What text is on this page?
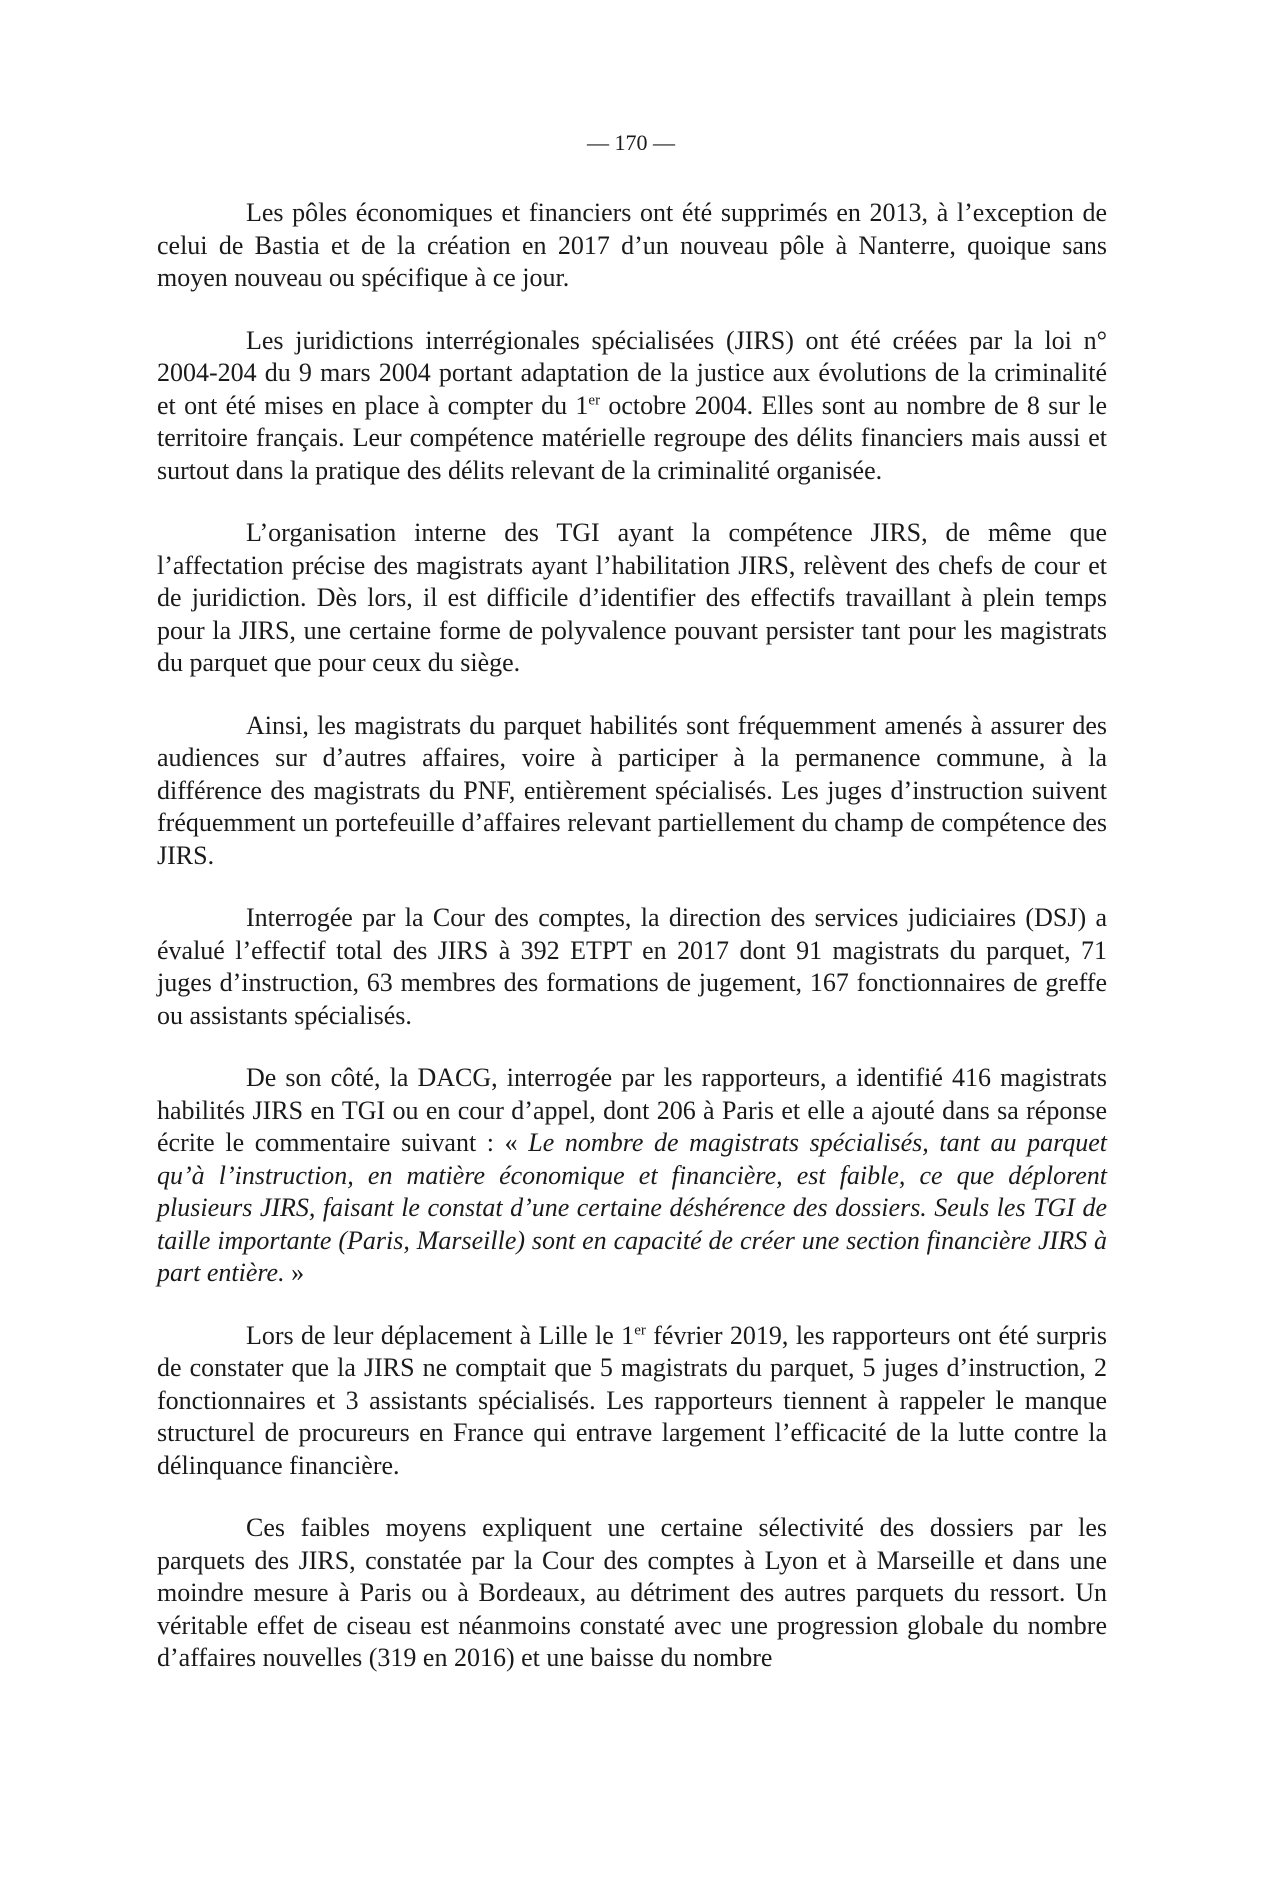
— 170 —

Les pôles économiques et financiers ont été supprimés en 2013, à l’exception de celui de Bastia et de la création en 2017 d’un nouveau pôle à Nanterre, quoique sans moyen nouveau ou spécifique à ce jour.

Les juridictions interrégionales spécialisées (JIRS) ont été créées par la loi n° 2004-204 du 9 mars 2004 portant adaptation de la justice aux évolutions de la criminalité et ont été mises en place à compter du 1er octobre 2004. Elles sont au nombre de 8 sur le territoire français. Leur compétence matérielle regroupe des délits financiers mais aussi et surtout dans la pratique des délits relevant de la criminalité organisée.

L’organisation interne des TGI ayant la compétence JIRS, de même que l’affectation précise des magistrats ayant l’habilitation JIRS, relèvent des chefs de cour et de juridiction. Dès lors, il est difficile d’identifier des effectifs travaillant à plein temps pour la JIRS, une certaine forme de polyvalence pouvant persister tant pour les magistrats du parquet que pour ceux du siège.

Ainsi, les magistrats du parquet habilités sont fréquemment amenés à assurer des audiences sur d’autres affaires, voire à participer à la permanence commune, à la différence des magistrats du PNF, entièrement spécialisés. Les juges d’instruction suivent fréquemment un portefeuille d’affaires relevant partiellement du champ de compétence des JIRS.

Interrogée par la Cour des comptes, la direction des services judiciaires (DSJ) a évalué l’effectif total des JIRS à 392 ETPT en 2017 dont 91 magistrats du parquet, 71 juges d’instruction, 63 membres des formations de jugement, 167 fonctionnaires de greffe ou assistants spécialisés.

De son côté, la DACG, interrogée par les rapporteurs, a identifié 416 magistrats habilités JIRS en TGI ou en cour d’appel, dont 206 à Paris et elle a ajouté dans sa réponse écrite le commentaire suivant : « Le nombre de magistrats spécialisés, tant au parquet qu’à l’instruction, en matière économique et financière, est faible, ce que déplorent plusieurs JIRS, faisant le constat d’une certaine déshérence des dossiers. Seuls les TGI de taille importante (Paris, Marseille) sont en capacité de créer une section financière JIRS à part entière. »

Lors de leur déplacement à Lille le 1er février 2019, les rapporteurs ont été surpris de constater que la JIRS ne comptait que 5 magistrats du parquet, 5 juges d’instruction, 2 fonctionnaires et 3 assistants spécialisés. Les rapporteurs tiennent à rappeler le manque structurel de procureurs en France qui entrave largement l’efficacité de la lutte contre la délinquance financière.

Ces faibles moyens expliquent une certaine sélectivité des dossiers par les parquets des JIRS, constatée par la Cour des comptes à Lyon et à Marseille et dans une moindre mesure à Paris ou à Bordeaux, au détriment des autres parquets du ressort. Un véritable effet de ciseau est néanmoins constaté avec une progression globale du nombre d’affaires nouvelles (319 en 2016) et une baisse du nombre
